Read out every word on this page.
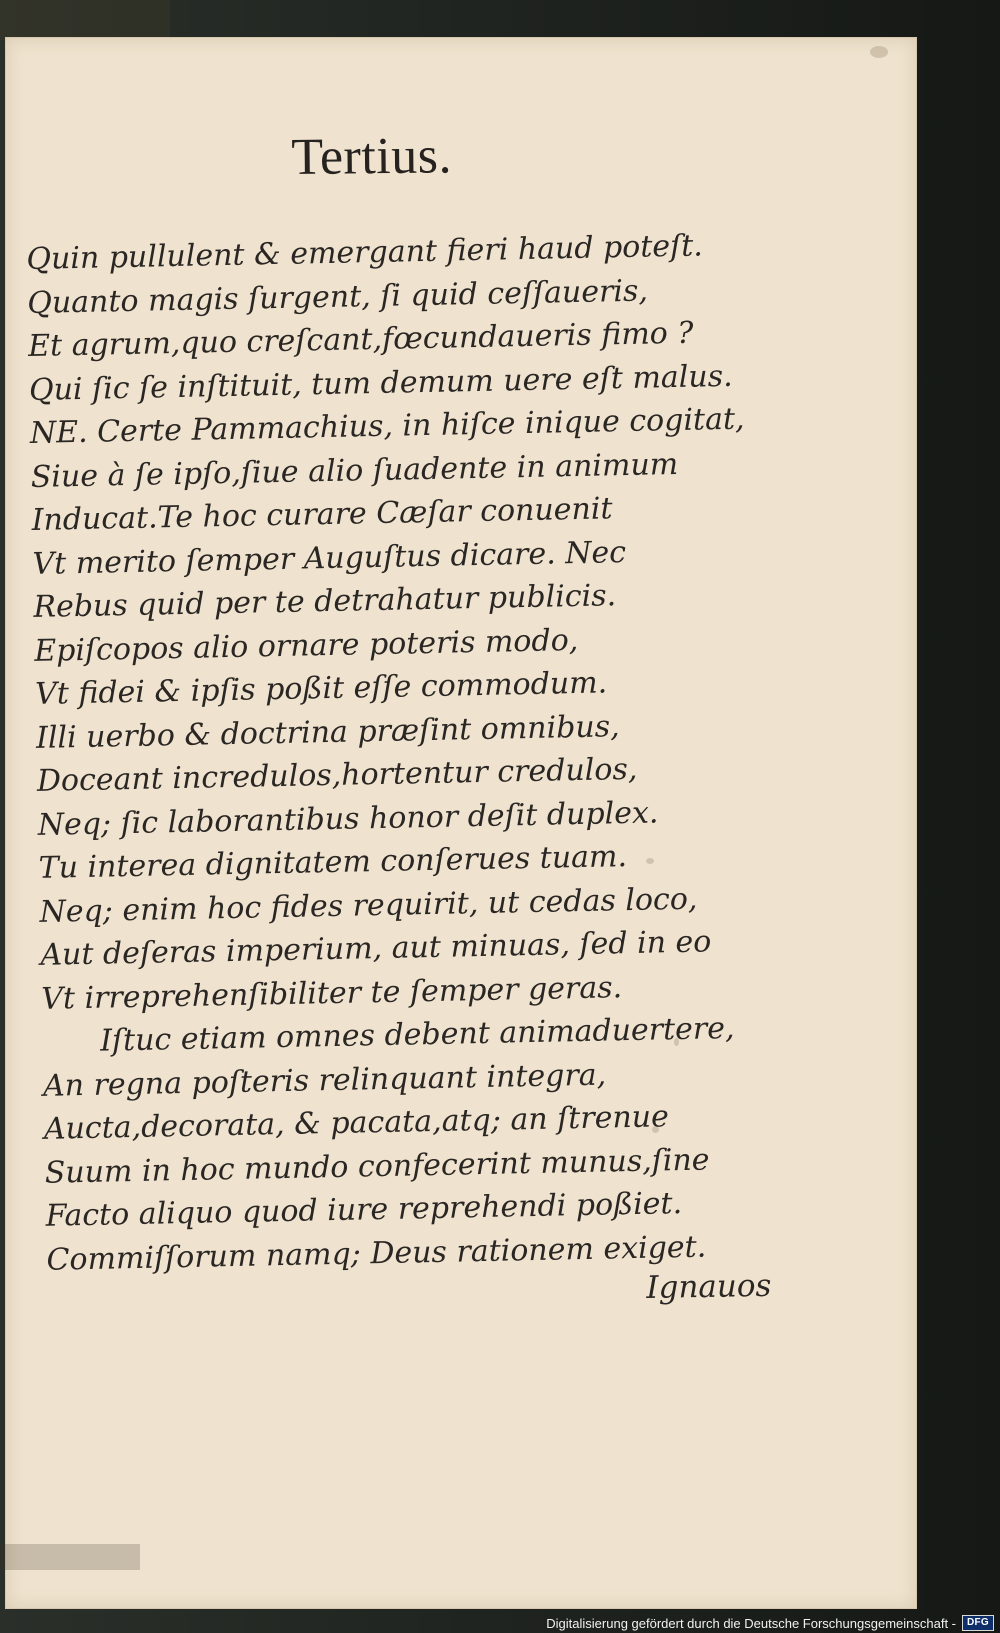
Tertius.
Quin pullulent & emergant fieri haud poteſt.
Quanto magis ſurgent, ſi quid ceſſaueris,
Et agrum,quo creſcant,fœcundaueris fimo ?
Qui ſic ſe inſtituit, tum demum uere eſt malus.
NE. Certe Pammachius, in hiſce inique cogitat,
Siue à ſe ipſo,ſiue alio ſuadente in animum
Inducat.Te hoc curare Cæſar conuenit
Vt merito ſemper Auguſtus dicare. Nec
Rebus quid per te detrahatur publicis.
Epiſcopos alio ornare poteris modo,
Vt fidei & ipſis poßit eſſe commodum.
Illi uerbo & doctrina præſint omnibus,
Doceant incredulos,hortentur credulos,
Neq; ſic laborantibus honor deſit duplex.
Tu interea dignitatem conſerues tuam.
Neq; enim hoc fides requirit, ut cedas loco,
Aut deſeras imperium, aut minuas, ſed in eo
Vt irreprehenſibiliter te ſemper geras.
Iſtuc etiam omnes debent animaduertere,
An regna poſteris relinquant integra,
Aucta,decorata, & pacata,atq; an ſtrenue
Suum in hoc mundo confecerint munus,ſine
Facto aliquo quod iure reprehendi poßiet.
Commiſſorum namq; Deus rationem exiget.
Ignauos
Digitalisierung gefördert durch die Deutsche Forschungsgemeinschaft -	DFG
